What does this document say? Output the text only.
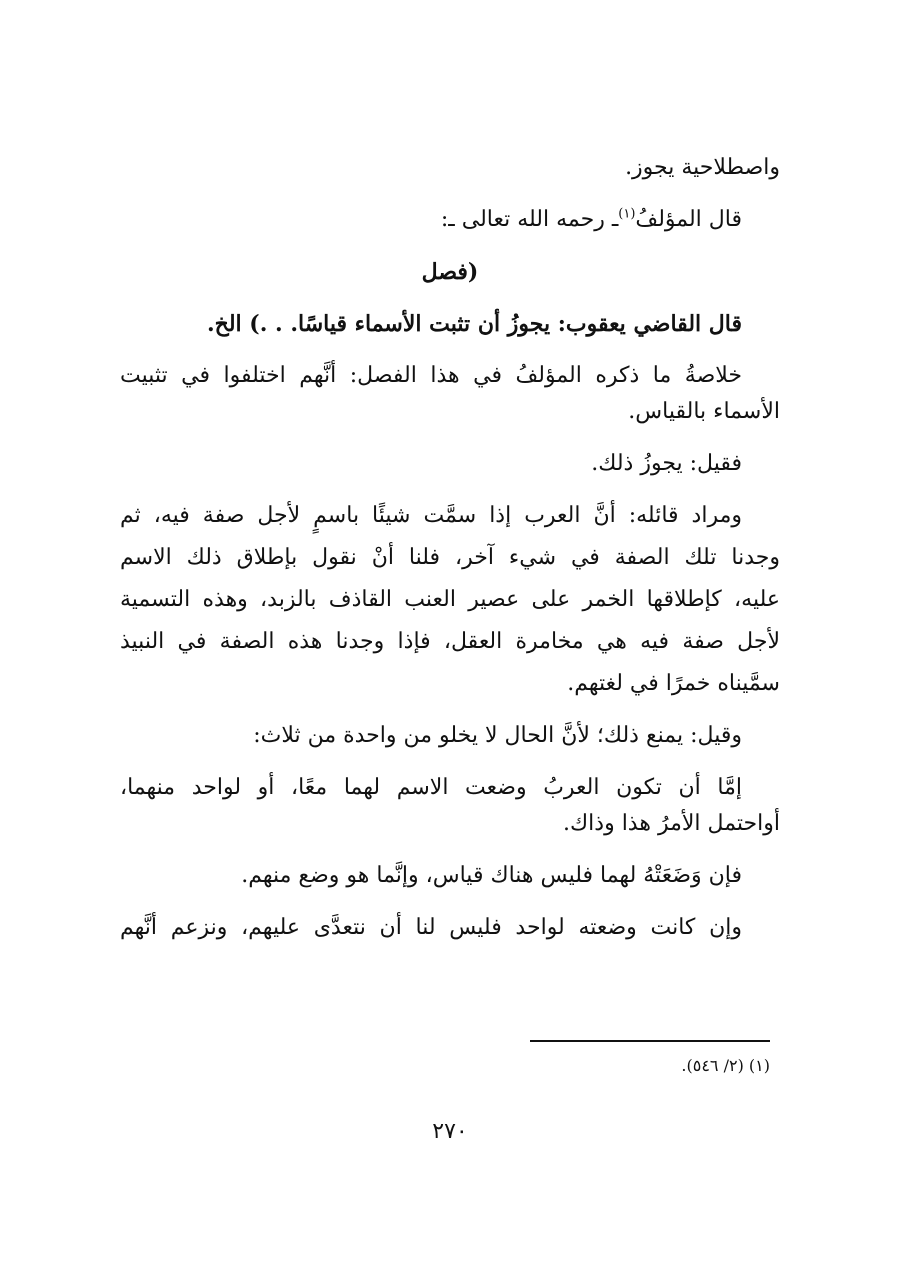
واصطلاحية يجوز.
قال المؤلفُ$^{(١)}$ـ رحمه الله تعالى ـ:
(فصل
قال القاضي يعقوب: يجوزُ أن تثبت الأسماء قياسًا. . .) الخ.
خلاصةُ ما ذكره المؤلفُ في هذا الفصل: أنَّهم اختلفوا في تثبيت
الأسماء بالقياس.
فقيل: يجوزُ ذلك.
ومراد قائله: أنَّ العرب إذا سمَّت شيئًا باسمٍ لأجل صفة فيه، ثم
وجدنا تلك الصفة في شيء آخر، فلنا أنْ نقول بإطلاق ذلك الاسم
عليه، كإطلاقها الخمر على عصير العنب القاذف بالزبد، وهذه التسمية
لأجل صفة فيه هي مخامرة العقل، فإذا وجدنا هذه الصفة في النبيذ
سمَّيناه خمرًا في لغتهم.
وقيل: يمنع ذلك؛ لأنَّ الحال لا يخلو من واحدة من ثلاث:
إمَّا أن تكون العربُ وضعت الاسم لهما معًا، أو لواحد منهما،
أواحتمل الأمرُ هذا وذاك.
فإن وَضَعَتْهُ لهما فليس هناك قياس، وإنَّما هو وضع منهم.
وإن كانت وضعته لواحد فليس لنا أن نتعدَّى عليهم، ونزعم أنَّهم
(١) (٢/ ٥٤٦).
٢٧٠
